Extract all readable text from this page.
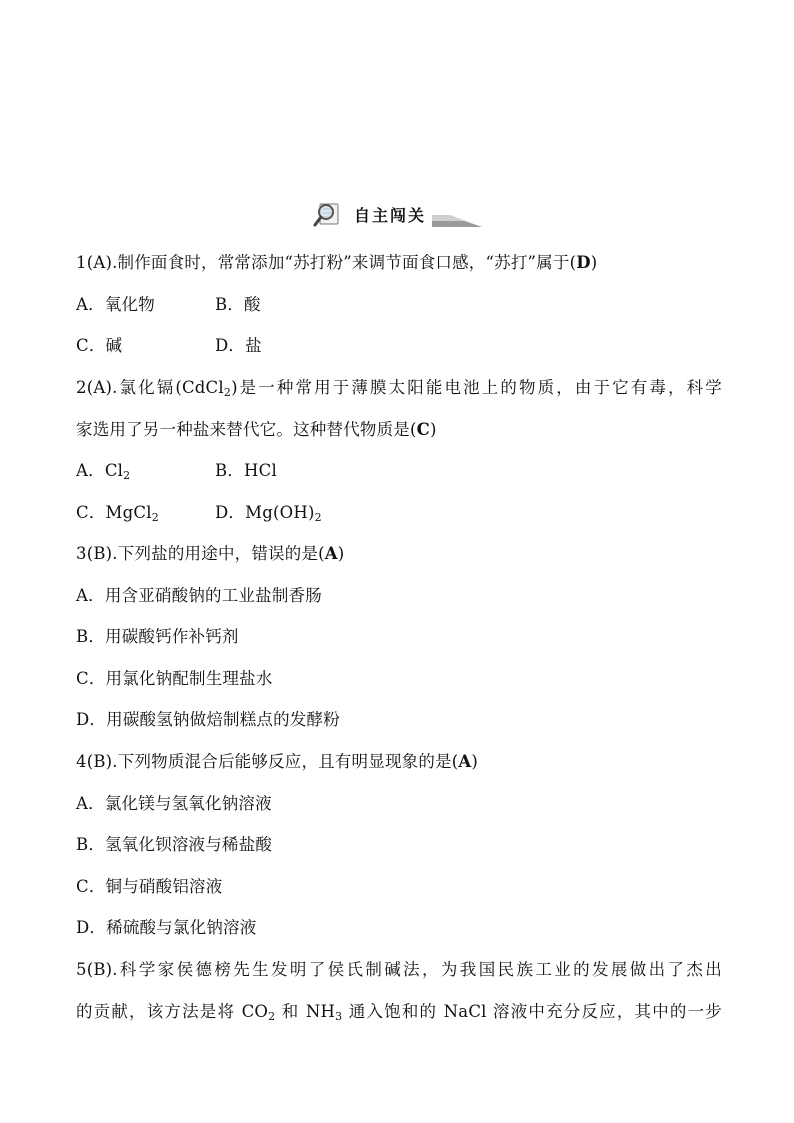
自主闯关
1(A).制作面食时，常常添加“苏打粉”来调节面食口感，“苏打”属于(D)
A．氧化物	B．酸
C．碱	D．盐
2(A).氯化镉(CdCl$_2$)是一种常用于薄膜太阳能电池上的物质，由于它有毒，科学
家选用了另一种盐来替代它。这种替代物质是(C)
A．$Cl_2$	B．HCl
C．MgCl$_2$	D．$Mg(OH)_2$
3(B).下列盐的用途中，错误的是(A)
A．用含亚硝酸钠的工业盐制香肠
B．用碳酸钙作补钙剂
C．用氯化钠配制生理盐水
D．用碳酸氢钠做焙制糕点的发酵粉
4(B).下列物质混合后能够反应，且有明显现象的是(A)
A．氯化镁与氢氧化钠溶液
B．氢氧化钡溶液与稀盐酸
C．铜与硝酸铝溶液
D．稀硫酸与氯化钠溶液
5(B).科学家侯德榜先生发明了侯氏制碱法，为我国民族工业的发展做出了杰出
的贡献，该方法是将 $CO_2$ 和 $NH_3$ 通入饱和的 NaCl 溶液中充分反应，其中的一步
